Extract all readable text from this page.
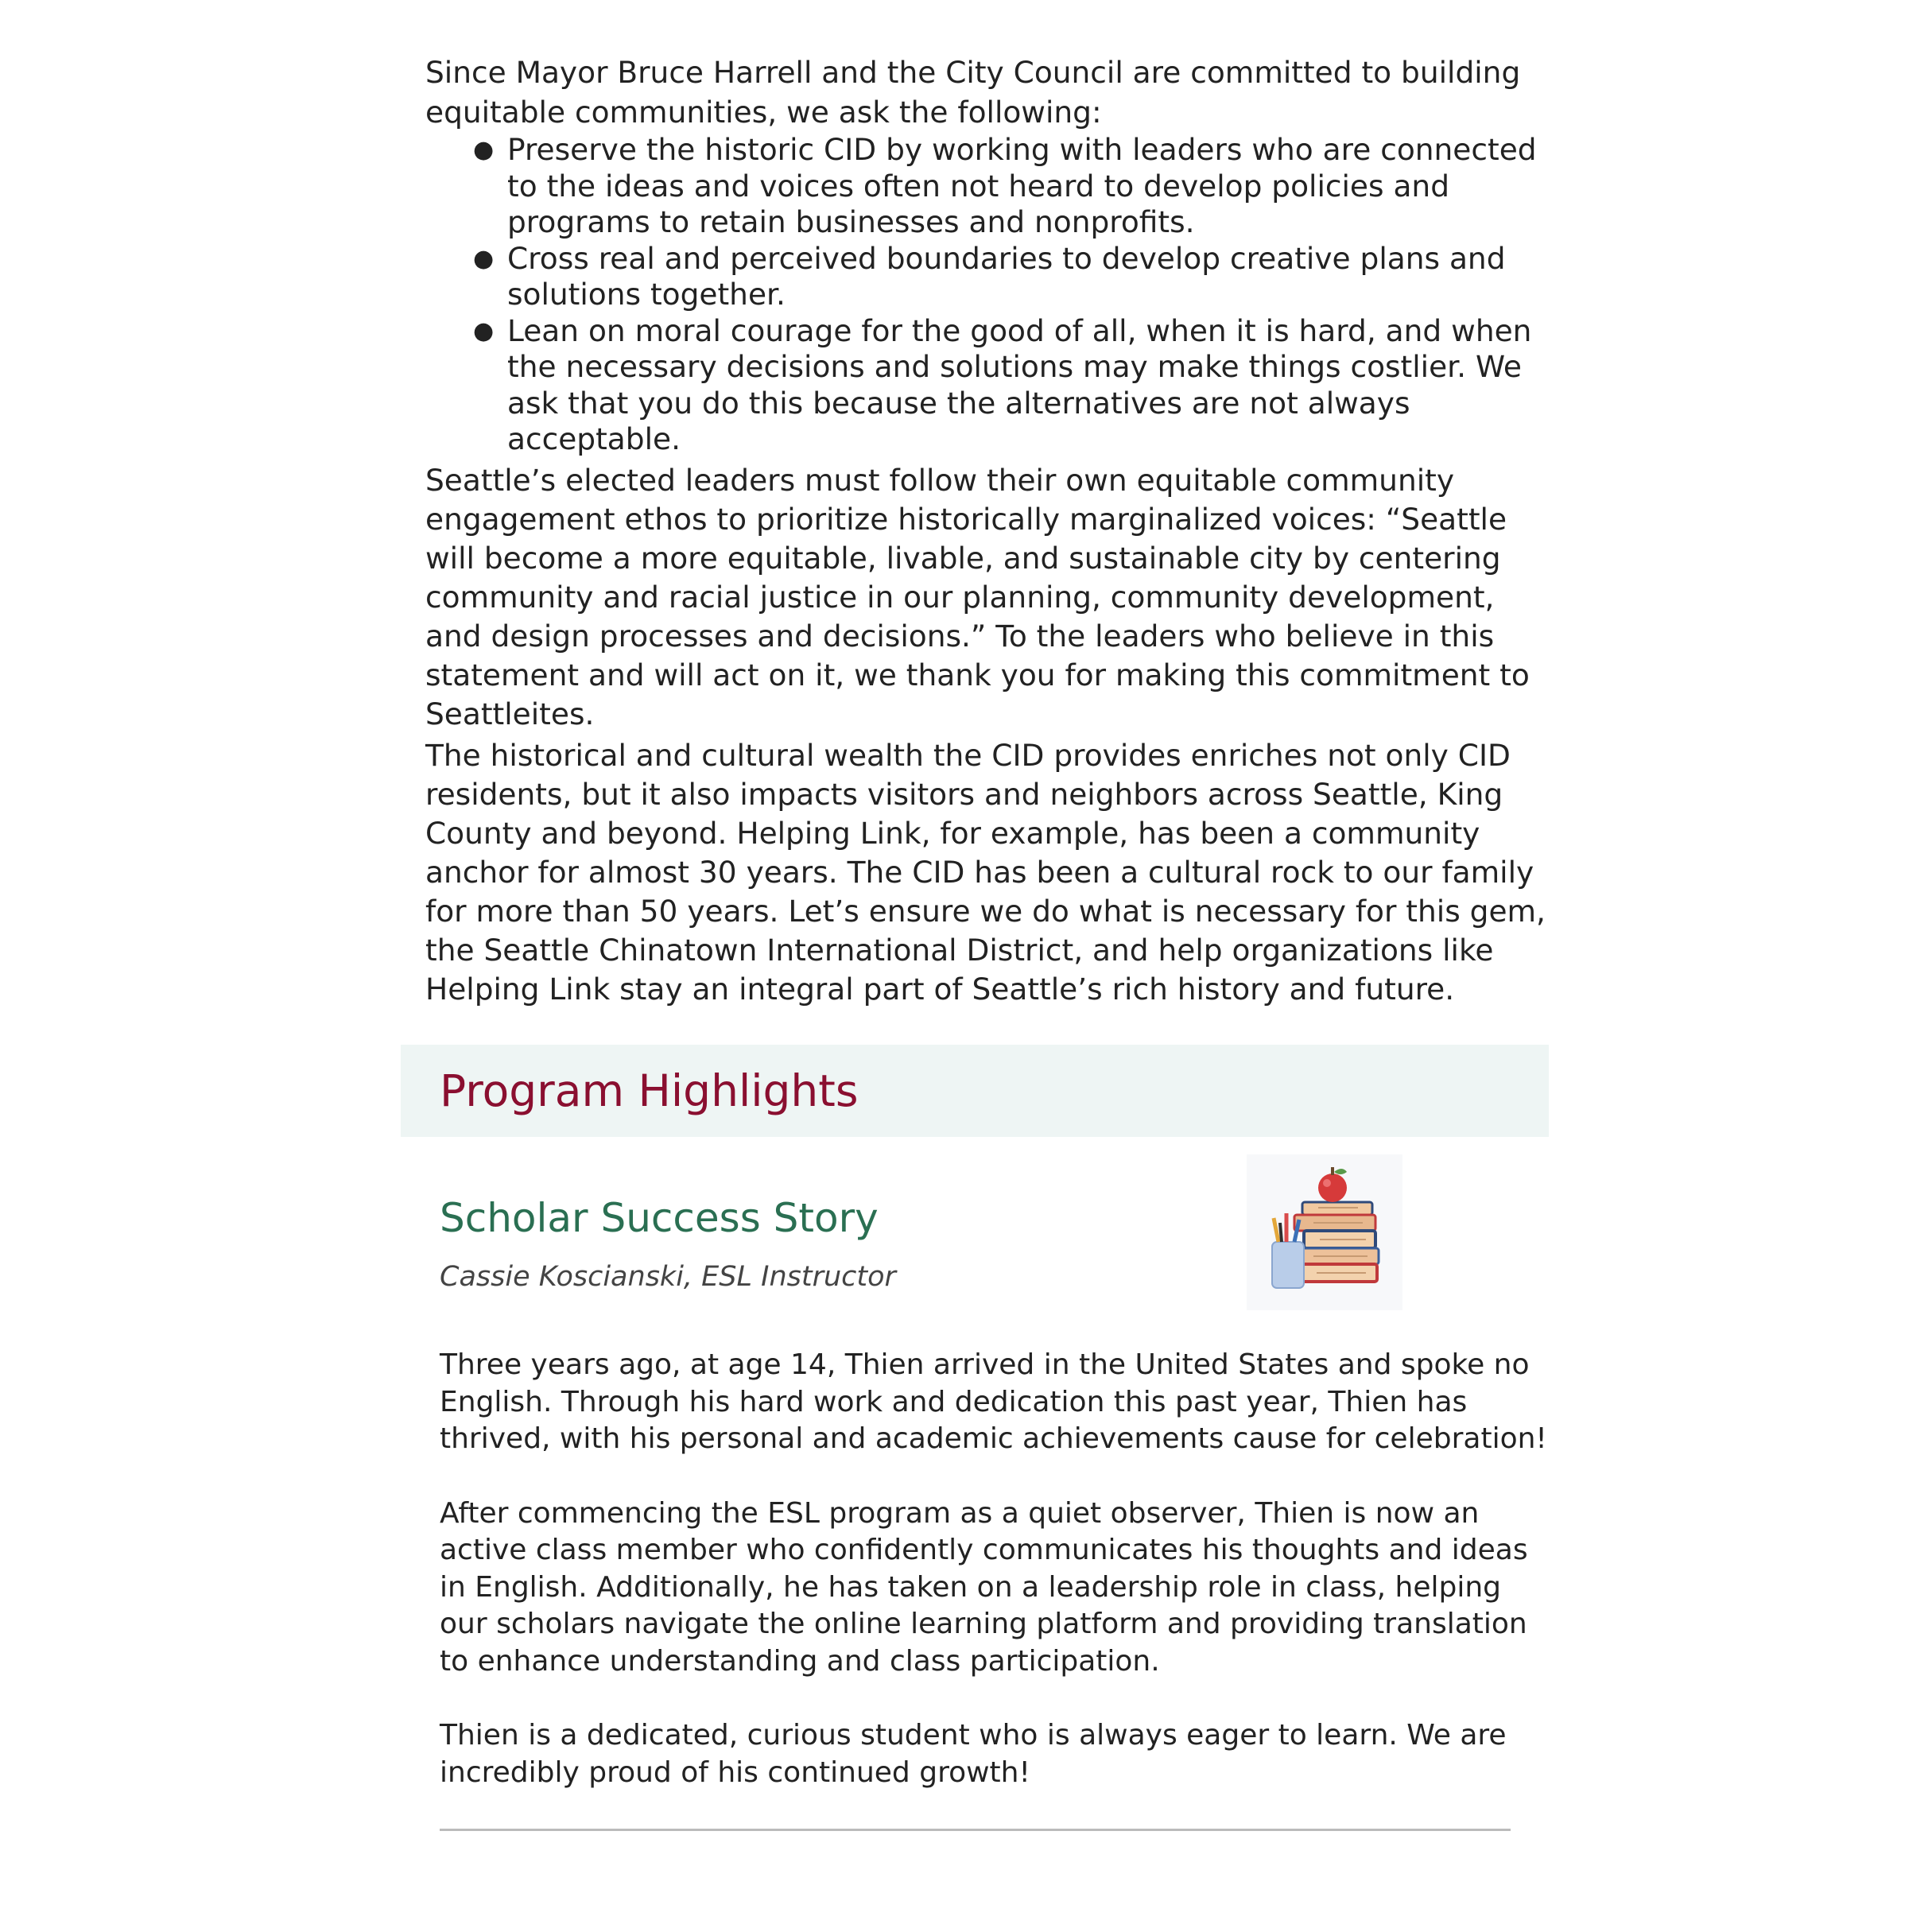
Since Mayor Bruce Harrell and the City Council are committed to building equitable communities, we ask the following:

● Preserve the historic CID by working with leaders who are connected to the ideas and voices often not heard to develop policies and programs to retain businesses and nonprofits.
● Cross real and perceived boundaries to develop creative plans and solutions together.
● Lean on moral courage for the good of all, when it is hard, and when the necessary decisions and solutions may make things costlier. We ask that you do this because the alternatives are not always acceptable.

Seattle’s elected leaders must follow their own equitable community engagement ethos to prioritize historically marginalized voices: “Seattle will become a more equitable, livable, and sustainable city by centering community and racial justice in our planning, community development, and design processes and decisions.” To the leaders who believe in this statement and will act on it, we thank you for making this commitment to Seattleites.

The historical and cultural wealth the CID provides enriches not only CID residents, but it also impacts visitors and neighbors across Seattle, King County and beyond. Helping Link, for example, has been a community anchor for almost 30 years. The CID has been a cultural rock to our family for more than 50 years. Let’s ensure we do what is necessary for this gem, the Seattle Chinatown International District, and help organizations like Helping Link stay an integral part of Seattle’s rich history and future.

Program Highlights
Scholar Success Story

Cassie Koscianski, ESL Instructor

Three years ago, at age 14, Thien arrived in the United States and spoke no English. Through his hard work and dedication this past year, Thien has thrived, with his personal and academic achievements cause for celebration!

After commencing the ESL program as a quiet observer, Thien is now an active class member who confidently communicates his thoughts and ideas in English. Additionally, he has taken on a leadership role in class, helping our scholars navigate the online learning platform and providing translation to enhance understanding and class participation.

Thien is a dedicated, curious student who is always eager to learn. We are incredibly proud of his continued growth!
